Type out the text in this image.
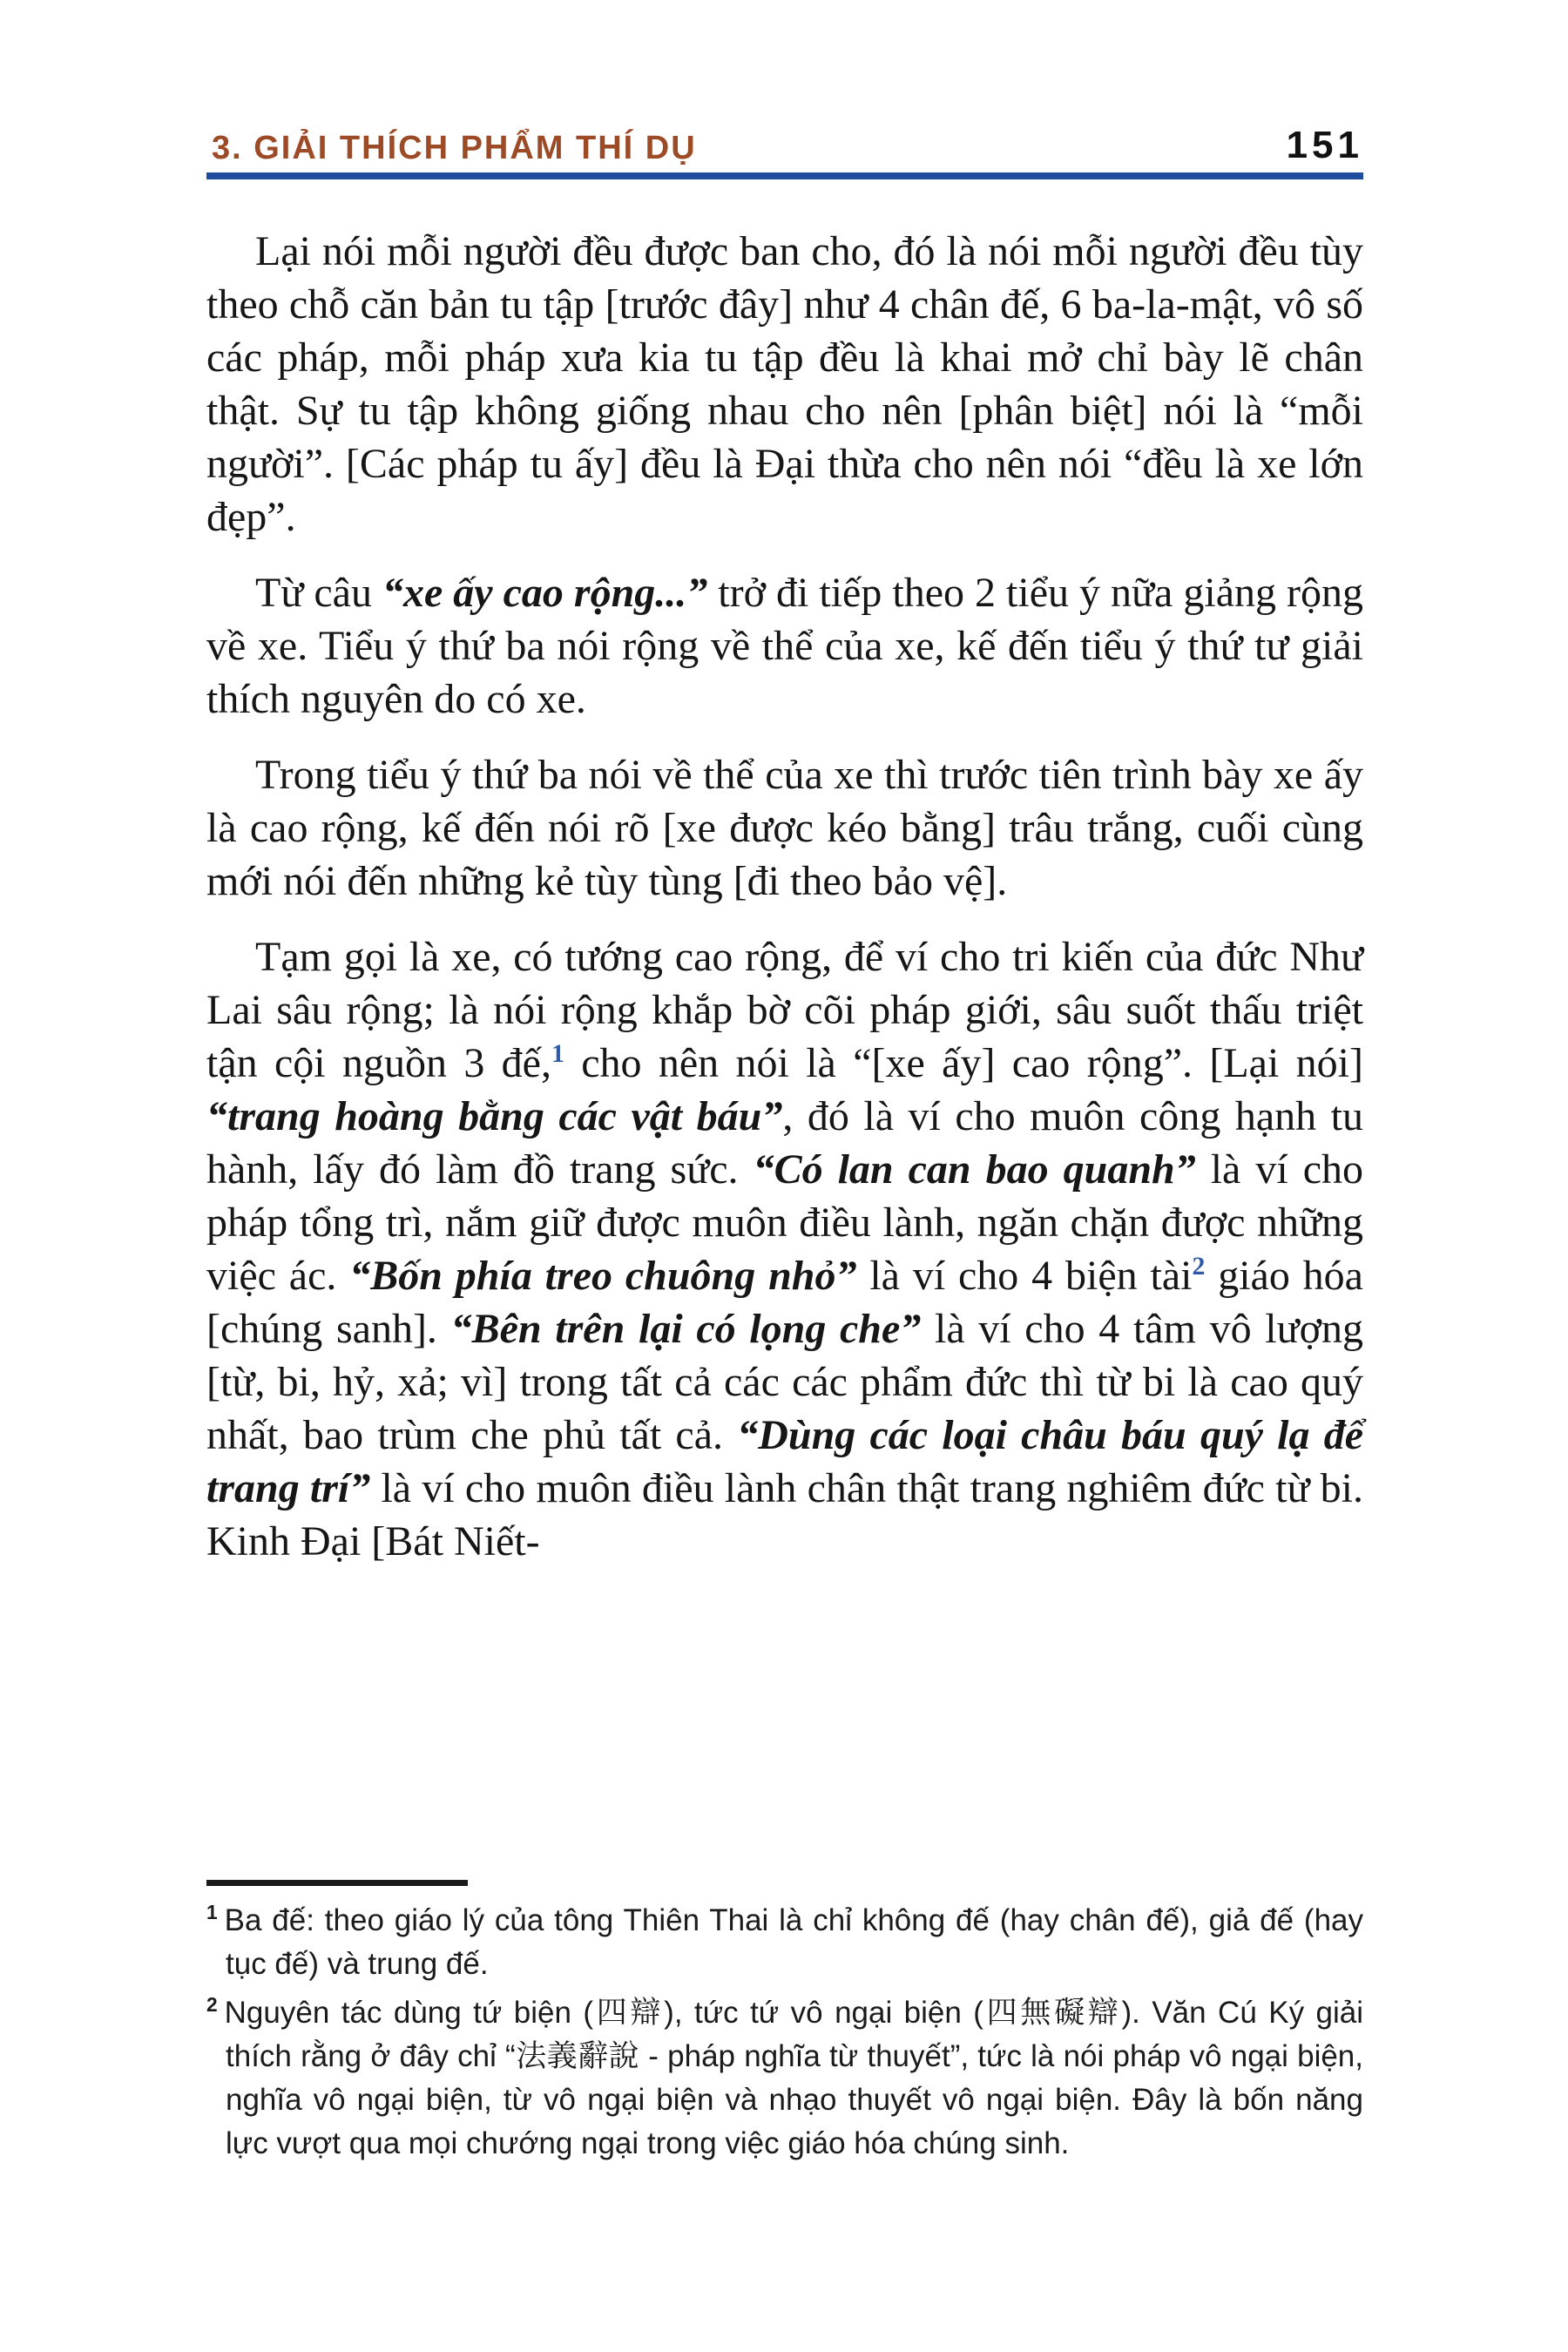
3. GIẢI THÍCH PHẨM THÍ DỤ	151

Lại nói mỗi người đều được ban cho, đó là nói mỗi người đều tùy theo chỗ căn bản tu tập [trước đây] như 4 chân đế, 6 ba-la-mật, vô số các pháp, mỗi pháp xưa kia tu tập đều là khai mở chỉ bày lẽ chân thật. Sự tu tập không giống nhau cho nên [phân biệt] nói là “mỗi người”. [Các pháp tu ấy] đều là Đại thừa cho nên nói “đều là xe lớn đẹp”.

Từ câu “xe ấy cao rộng...” trở đi tiếp theo 2 tiểu ý nữa giảng rộng về xe. Tiểu ý thứ ba nói rộng về thể của xe, kế đến tiểu ý thứ tư giải thích nguyên do có xe.

Trong tiểu ý thứ ba nói về thể của xe thì trước tiên trình bày xe ấy là cao rộng, kế đến nói rõ [xe được kéo bằng] trâu trắng, cuối cùng mới nói đến những kẻ tùy tùng [đi theo bảo vệ].

Tạm gọi là xe, có tướng cao rộng, để ví cho tri kiến của đức Như Lai sâu rộng; là nói rộng khắp bờ cõi pháp giới, sâu suốt thấu triệt tận cội nguồn 3 đế,$^1$ cho nên nói là “[xe ấy] cao rộng”. [Lại nói] “trang hoàng bằng các vật báu”, đó là ví cho muôn công hạnh tu hành, lấy đó làm đồ trang sức. “Có lan can bao quanh” là ví cho pháp tổng trì, nắm giữ được muôn điều lành, ngăn chặn được những việc ác. “Bốn phía treo chuông nhỏ” là ví cho 4 biện tài$^2$ giáo hóa [chúng sanh]. “Bên trên lại có lọng che” là ví cho 4 tâm vô lượng [từ, bi, hỷ, xả; vì] trong tất cả các các phẩm đức thì từ bi là cao quý nhất, bao trùm che phủ tất cả. “Dùng các loại châu báu quý lạ để trang trí” là ví cho muôn điều lành chân thật trang nghiêm đức từ bi. Kinh Đại [Bát Niết-

$^1$ Ba đế: theo giáo lý của tông Thiên Thai là chỉ không đế (hay chân đế), giả đế (hay tục đế) và trung đế.
$^2$ Nguyên tác dùng tứ biện (四辯), tức tứ vô ngại biện (四無礙辯). Văn Cú Ký giải thích rằng ở đây chỉ “法義辭說 - pháp nghĩa từ thuyết”, tức là nói pháp vô ngại biện, nghĩa vô ngại biện, từ vô ngại biện và nhạo thuyết vô ngại biện. Đây là bốn năng lực vượt qua mọi chướng ngại trong việc giáo hóa chúng sinh.
